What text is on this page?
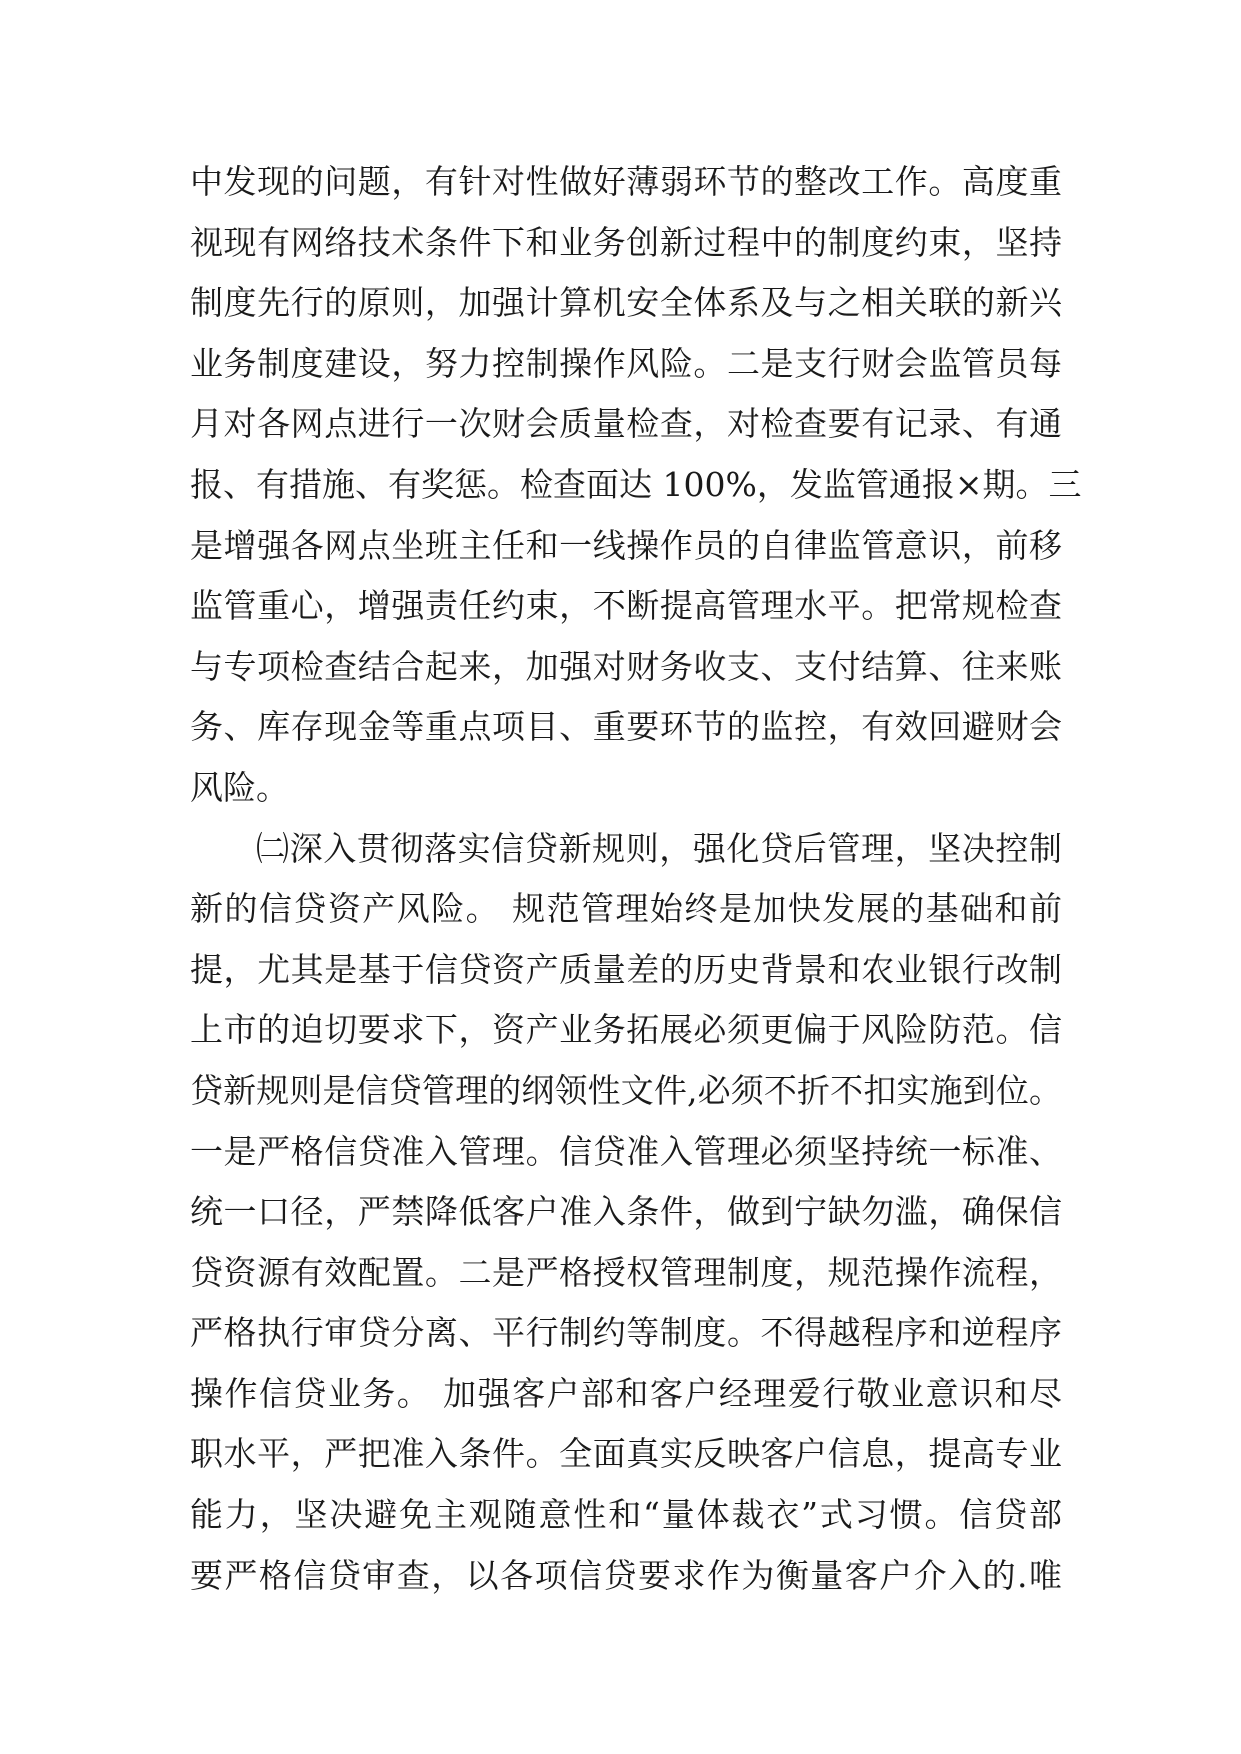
中发现的问题，有针对性做好薄弱环节的整改工作。高度重
视现有网络技术条件下和业务创新过程中的制度约束，坚持
制度先行的原则，加强计算机安全体系及与之相关联的新兴
业务制度建设，努力控制操作风险。二是支行财会监管员每
月对各网点进行一次财会质量检查，对检查要有记录、有通
报、有措施、有奖惩。检查面达 100%，发监管通报×期。三
是增强各网点坐班主任和一线操作员的自律监管意识，前移
监管重心，增强责任约束，不断提高管理水平。把常规检查
与专项检查结合起来，加强对财务收支、支付结算、往来账
务、库存现金等重点项目、重要环节的监控，有效回避财会
风险。
㈡深入贯彻落实信贷新规则，强化贷后管理，坚决控制
新的信贷资产风险。 规范管理始终是加快发展的基础和前
提，尤其是基于信贷资产质量差的历史背景和农业银行改制
上市的迫切要求下，资产业务拓展必须更偏于风险防范。信
贷新规则是信贷管理的纲领性文件,必须不折不扣实施到位。
一是严格信贷准入管理。信贷准入管理必须坚持统一标准、
统一口径，严禁降低客户准入条件，做到宁缺勿滥，确保信
贷资源有效配置。二是严格授权管理制度，规范操作流程，
严格执行审贷分离、平行制约等制度。不得越程序和逆程序
操作信贷业务。 加强客户部和客户经理爱行敬业意识和尽
职水平，严把准入条件。全面真实反映客户信息，提高专业
能力，坚决避免主观随意性和“量体裁衣”式习惯。信贷部
要严格信贷审查，以各项信贷要求作为衡量客户介入的.唯
